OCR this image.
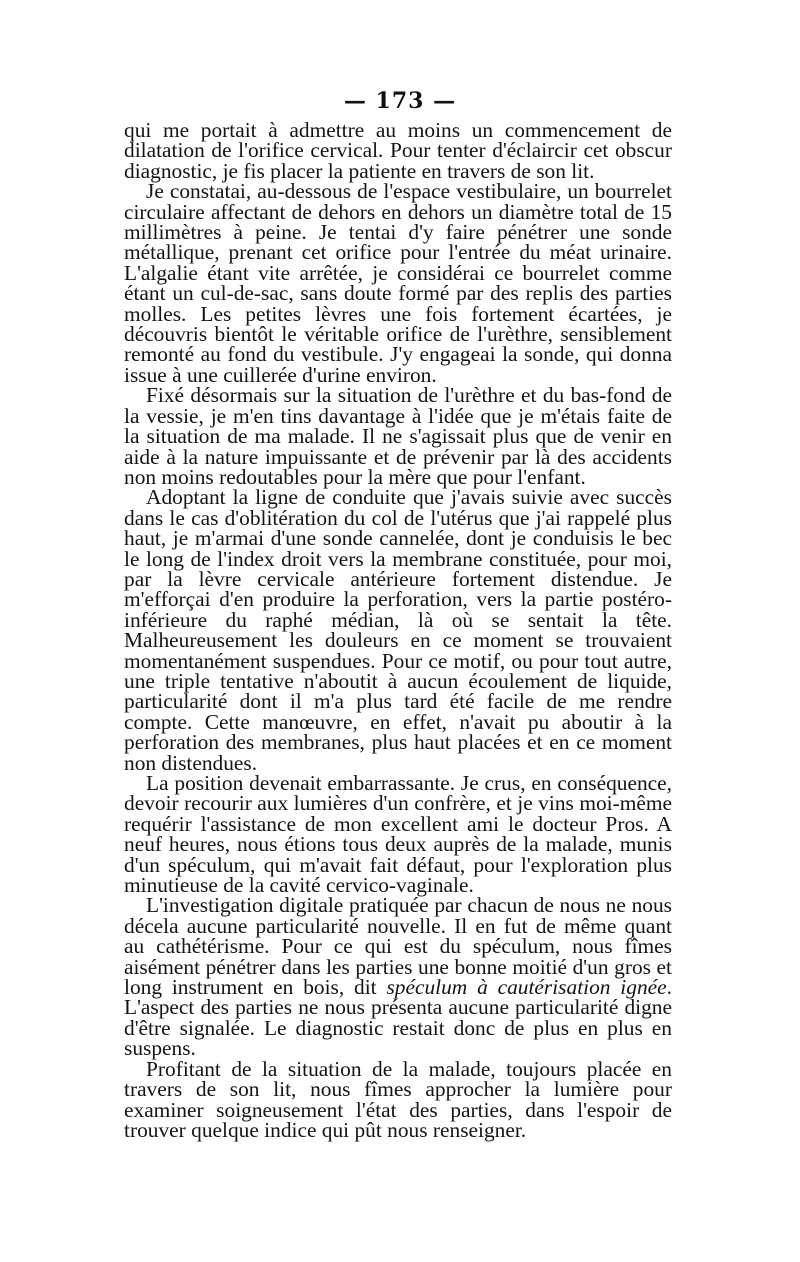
— 173 —

qui me portait à admettre au moins un commencement de dilatation de l'orifice cervical. Pour tenter d'éclaircir cet obscur diagnostic, je fis placer la patiente en travers de son lit.

Je constatai, au-dessous de l'espace vestibulaire, un bourrelet circulaire affectant de dehors en dehors un diamètre total de 15 millimètres à peine. Je tentai d'y faire pénétrer une sonde métallique, prenant cet orifice pour l'entrée du méat urinaire. L'algalie étant vite arrêtée, je considérai ce bourrelet comme étant un cul-de-sac, sans doute formé par des replis des parties molles. Les petites lèvres une fois fortement écartées, je découvris bientôt le véritable orifice de l'urèthre, sensiblement remonté au fond du vestibule. J'y engageai la sonde, qui donna issue à une cuillerée d'urine environ.

Fixé désormais sur la situation de l'urèthre et du bas-fond de la vessie, je m'en tins davantage à l'idée que je m'étais faite de la situation de ma malade. Il ne s'agissait plus que de venir en aide à la nature impuissante et de prévenir par là des accidents non moins redoutables pour la mère que pour l'enfant.

Adoptant la ligne de conduite que j'avais suivie avec succès dans le cas d'oblitération du col de l'utérus que j'ai rappelé plus haut, je m'armai d'une sonde cannelée, dont je conduisis le bec le long de l'index droit vers la membrane constituée, pour moi, par la lèvre cervicale antérieure fortement distendue. Je m'efforçai d'en produire la perforation, vers la partie postéro-inférieure du raphé médian, là où se sentait la tête. Malheureusement les douleurs en ce moment se trouvaient momentanément suspendues. Pour ce motif, ou pour tout autre, une triple tentative n'aboutit à aucun écoulement de liquide, particularité dont il m'a plus tard été facile de me rendre compte. Cette manœuvre, en effet, n'avait pu aboutir à la perforation des membranes, plus haut placées et en ce moment non distendues.

La position devenait embarrassante. Je crus, en conséquence, devoir recourir aux lumières d'un confrère, et je vins moi-même requérir l'assistance de mon excellent ami le docteur Pros. A neuf heures, nous étions tous deux auprès de la malade, munis d'un spéculum, qui m'avait fait défaut, pour l'exploration plus minutieuse de la cavité cervico-vaginale.

L'investigation digitale pratiquée par chacun de nous ne nous décela aucune particularité nouvelle. Il en fut de même quant au cathétérisme. Pour ce qui est du spéculum, nous fîmes aisément pénétrer dans les parties une bonne moitié d'un gros et long instrument en bois, dit spéculum à cautérisation ignée. L'aspect des parties ne nous présenta aucune particularité digne d'être signalée. Le diagnostic restait donc de plus en plus en suspens.

Profitant de la situation de la malade, toujours placée en travers de son lit, nous fîmes approcher la lumière pour examiner soigneusement l'état des parties, dans l'espoir de trouver quelque indice qui pût nous renseigner.
